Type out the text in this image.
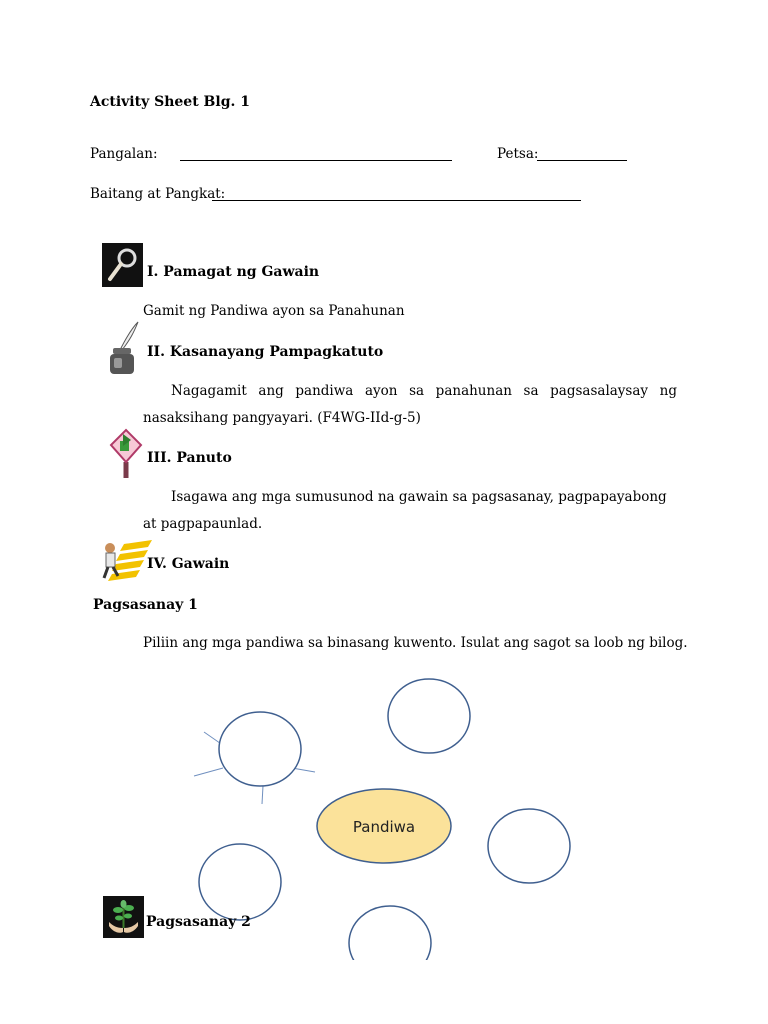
Activity Sheet Blg. 1
Pangalan:	Petsa:
Baitang at Pangkat:
I. Pamagat ng Gawain
Gamit ng Pandiwa ayon sa Panahunan
II. Kasanayang Pampagkatuto
Nagagamit ang pandiwa ayon sa panahunan sa pagsasalaysay ng nasaksihang pangyayari. (F4WG-IId-g-5)
III. Panuto
Isagawa ang mga sumusunod na gawain sa pagsasanay, pagpapayabong at pagpapaunlad.
IV. Gawain
Pagsasanay 1
Piliin ang mga pandiwa sa binasang kuwento. Isulat ang sagot sa loob ng bilog.
Pandiwa
Pagsasanay 2
